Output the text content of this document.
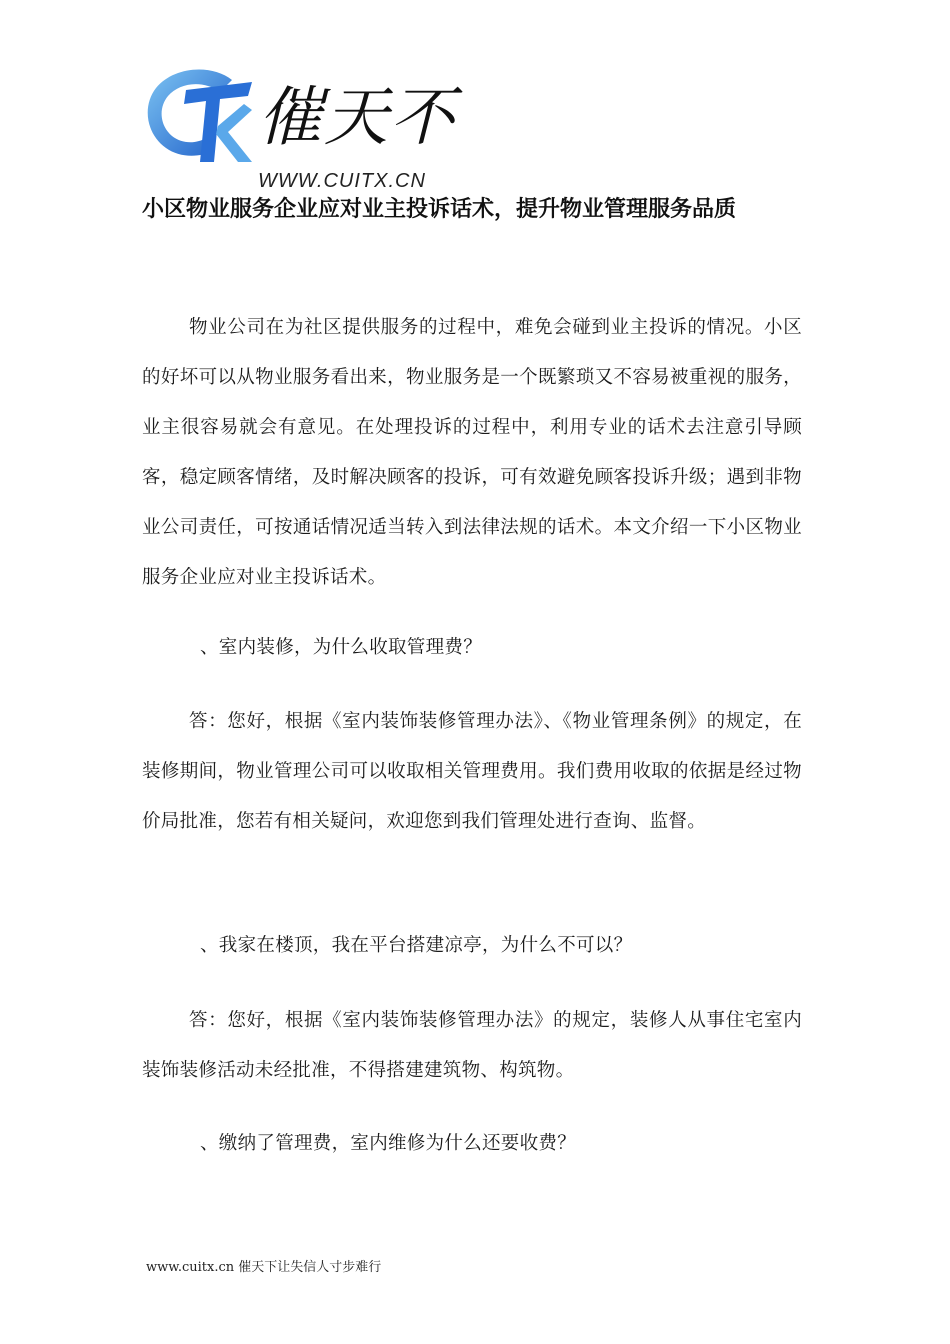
催天不
WWW.CUITX.CN
小区物业服务企业应对业主投诉话术，提升物业管理服务品质

物业公司在为社区提供服务的过程中，难免会碰到业主投诉的情况。小区的好坏可以从物业服务看出来，物业服务是一个既繁琐又不容易被重视的服务，业主很容易就会有意见。在处理投诉的过程中，利用专业的话术去注意引导顾客，稳定顾客情绪，及时解决顾客的投诉，可有效避免顾客投诉升级；遇到非物业公司责任，可按通话情况适当转入到法律法规的话术。本文介绍一下小区物业服务企业应对业主投诉话术。

、室内装修，为什么收取管理费？

答：您好，根据《室内装饰装修管理办法》、《物业管理条例》的规定，在装修期间，物业管理公司可以收取相关管理费用。我们费用收取的依据是经过物价局批准，您若有相关疑问，欢迎您到我们管理处进行查询、监督。

、我家在楼顶，我在平台搭建凉亭，为什么不可以？

答：您好，根据《室内装饰装修管理办法》的规定，装修人从事住宅室内装饰装修活动未经批准，不得搭建建筑物、构筑物。

、缴纳了管理费，室内维修为什么还要收费？

www.cuitx.cn 催天下让失信人寸步难行
